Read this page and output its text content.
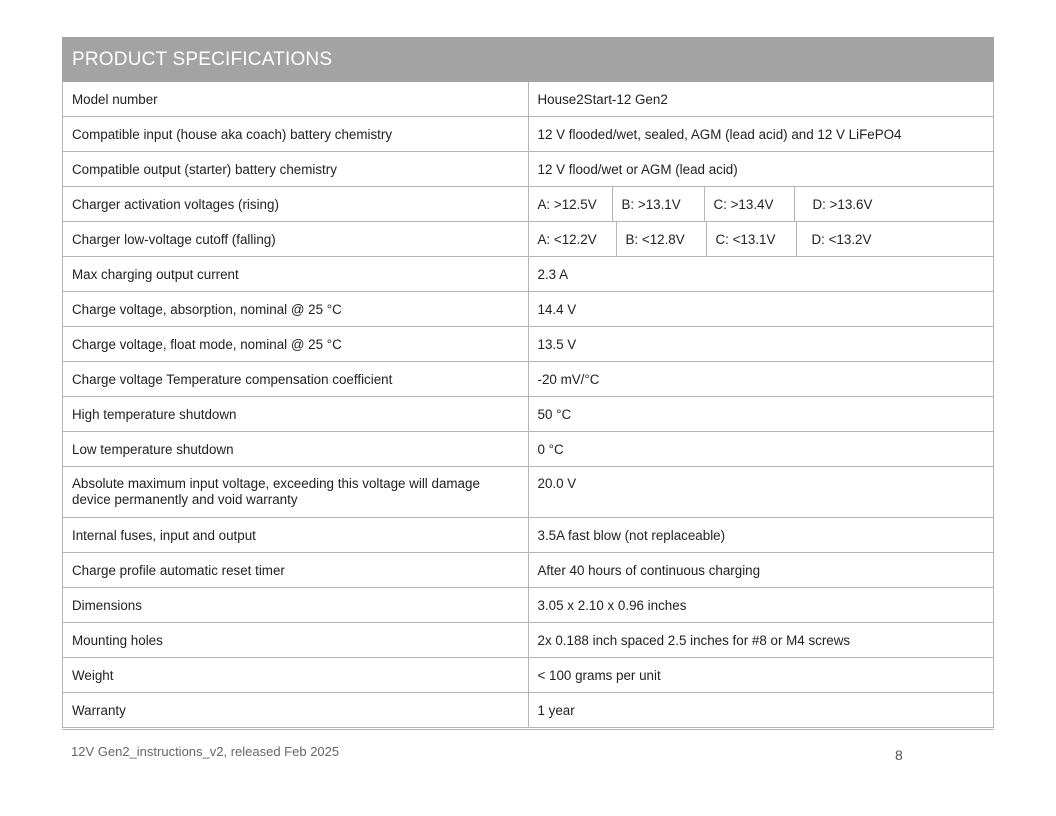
PRODUCT SPECIFICATIONS	
Model number	House2Start-12 Gen2
Compatible input (house aka coach) battery chemistry	12 V flooded/wet, sealed, AGM (lead acid) and 12 V LiFePO4
Compatible output (starter) battery chemistry	12 V flood/wet or AGM (lead acid)
Charger activation voltages (rising)	A: >12.5V B: >13.1V C: >13.4V D: >13.6V

Charger low-voltage cutoff (falling)	A: <12.2V B: <12.8V C: <13.1V D: <13.2V

Max charging output current	2.3 A
Charge voltage, absorption, nominal @ 25 °C	14.4 V
Charge voltage, float mode, nominal @ 25 °C	13.5 V
Charge voltage Temperature compensation coefficient	-20 mV/°C
High temperature shutdown	50 °C
Low temperature shutdown	0 °C
Absolute maximum input voltage, exceeding this voltage will damage device permanently and void warranty	20.0 V
Internal fuses, input and output	3.5A fast blow (not replaceable)
Charge profile automatic reset timer	After 40 hours of continuous charging
Dimensions	3.05 x 2.10 x 0.96 inches
Mounting holes	2x 0.188 inch spaced 2.5 inches for #8 or M4 screws
Weight	< 100 grams per unit
Warranty	1 year
12V Gen2_instructions_v2, released Feb 2025	8
